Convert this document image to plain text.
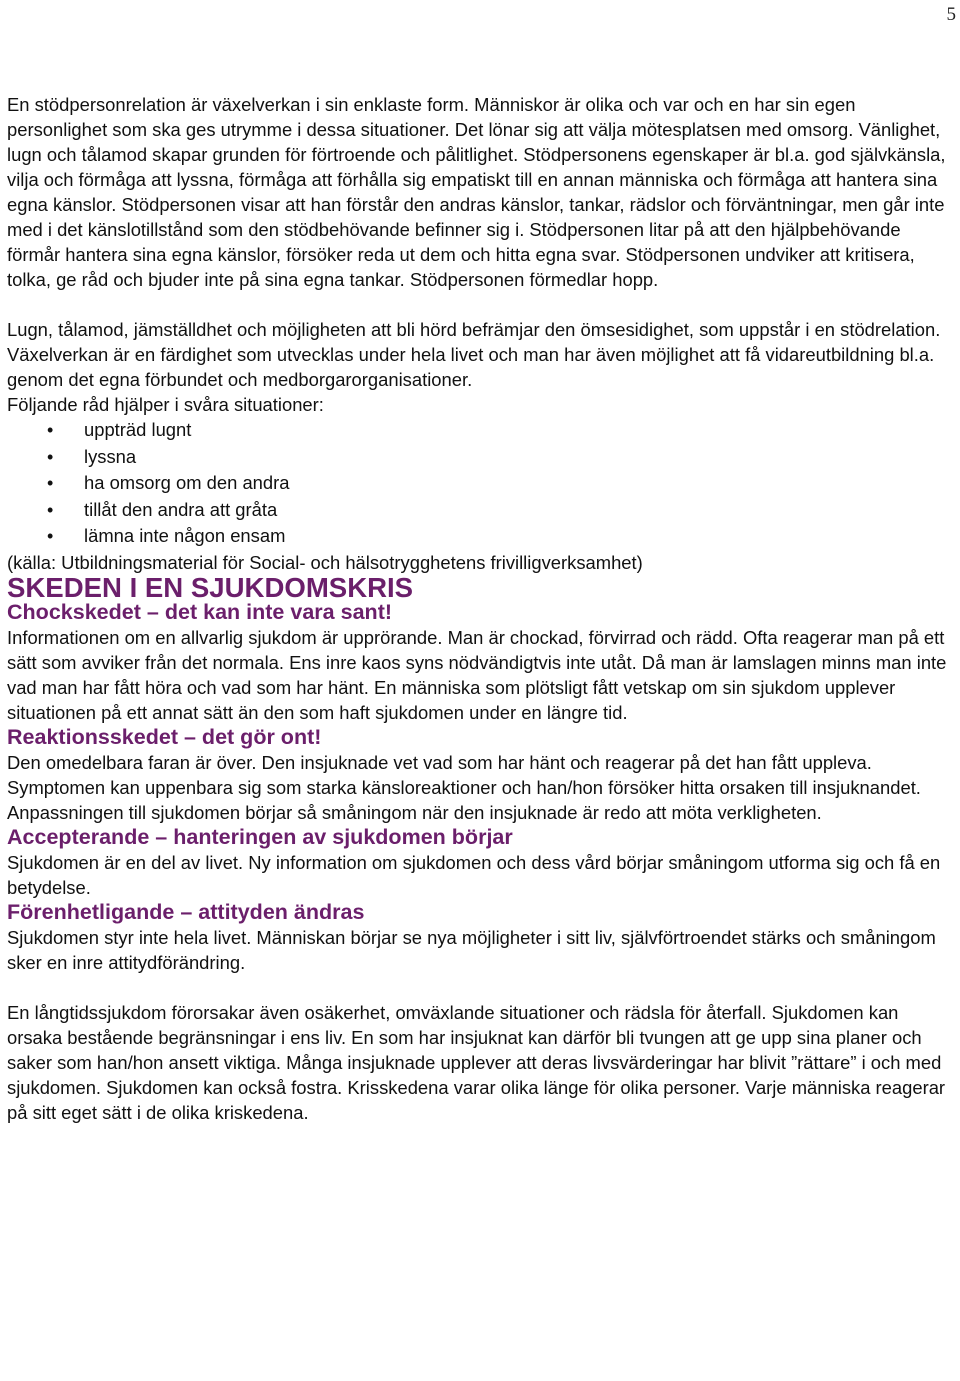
5

En stödpersonrelation är växelverkan i sin enklaste form. Människor är olika och var och en har sin egen personlighet som ska ges utrymme i dessa situationer. Det lönar sig att välja mötesplatsen med omsorg. Vänlighet, lugn och tålamod skapar grunden för förtroende och pålitlighet. Stödpersonens egenskaper är bl.a. god självkänsla, vilja och förmåga att lyssna, förmåga att förhålla sig empatiskt till en annan människa och förmåga att hantera sina egna känslor. Stödpersonen visar att han förstår den andras känslor, tankar, rädslor och förväntningar, men går inte med i det känslotillstånd som den stödbehövande befinner sig i. Stödpersonen litar på att den hjälpbehövande förmår hantera sina egna känslor, försöker reda ut dem och hitta egna svar. Stödpersonen undviker att kritisera, tolka, ge råd och bjuder inte på sina egna tankar. Stödpersonen förmedlar hopp.

Lugn, tålamod, jämställdhet och möjligheten att bli hörd befrämjar den ömsesidighet, som uppstår i en stödrelation. Växelverkan är en färdighet som utvecklas under hela livet och man har även möjlighet att få vidareutbildning bl.a. genom det egna förbundet och medborgarorganisationer.

Följande råd hjälper i svåra situationer:

• uppträd lugnt
• lyssna
• ha omsorg om den andra
• tillåt den andra att gråta
• lämna inte någon ensam

(källa: Utbildningsmaterial för Social- och hälsotrygghetens frivilligverksamhet)

SKEDEN I EN SJUKDOMSKRIS
Chockskedet – det kan inte vara sant!

Informationen om en allvarlig sjukdom är upprörande. Man är chockad, förvirrad och rädd. Ofta reagerar man på ett sätt som avviker från det normala. Ens inre kaos syns nödvändigtvis inte utåt. Då man är lamslagen minns man inte vad man har fått höra och vad som har hänt. En människa som plötsligt fått vetskap om sin sjukdom upplever situationen på ett annat sätt än den som haft sjukdomen under en längre tid.

Reaktionsskedet – det gör ont!

Den omedelbara faran är över. Den insjuknade vet vad som har hänt och reagerar på det han fått uppleva. Symptomen kan uppenbara sig som starka känsloreaktioner och han/hon försöker hitta orsaken till insjuknandet. Anpassningen till sjukdomen börjar så småningom när den insjuknade är redo att möta verkligheten.

Accepterande – hanteringen av sjukdomen börjar

Sjukdomen är en del av livet. Ny information om sjukdomen och dess vård börjar småningom utforma sig och få en betydelse.

Förenhetligande – attityden ändras

Sjukdomen styr inte hela livet. Människan börjar se nya möjligheter i sitt liv, självförtroendet stärks och småningom sker en inre attitydförändring.

En långtidssjukdom förorsakar även osäkerhet, omväxlande situationer och rädsla för återfall. Sjukdomen kan orsaka bestående begränsningar i ens liv. En som har insjuknat kan därför bli tvungen att ge upp sina planer och saker som han/hon ansett viktiga. Många insjuknade upplever att deras livsvärderingar har blivit ”rättare” i och med sjukdomen. Sjukdomen kan också fostra. Krisskedena varar olika länge för olika personer. Varje människa reagerar på sitt eget sätt i de olika kriskedena.
